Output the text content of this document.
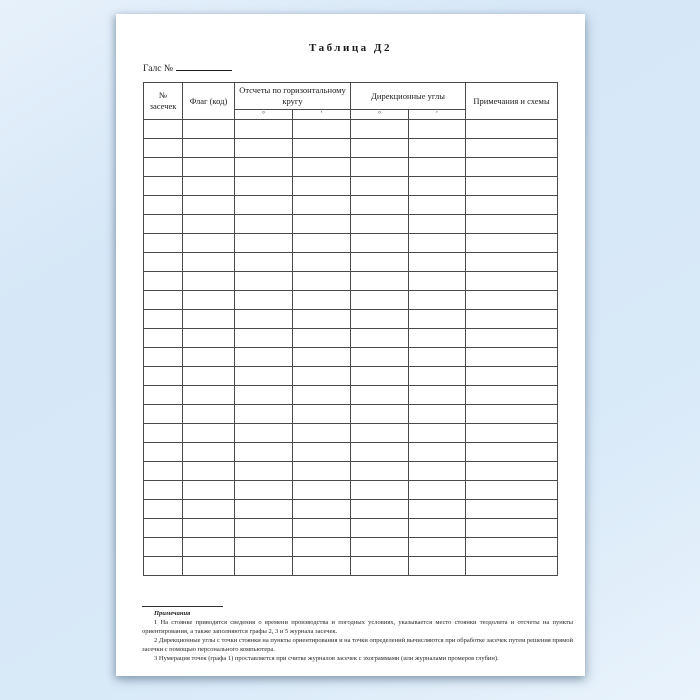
Таблица Д2
Галс №
№ засечек	Флаг (код)	Отсчеты по горизонтальному кругу		Дирекционные углы		Примечания и схемы
		°	′	°	′	

Примечания

1 На стоянке приводятся сведения о времени производства и погодных условиях, указывается место стоянки теодолита и отсчеты на пункты ориентирования, а также заполняются графы 2, 3 и 5 журнала засечек.

2 Дирекционные углы с точки стоянки на пункты ориентирования и на точки определений вычисляются при обработке засечек путем решения прямой засечки с помощью персонального компьютера.

3 Нумерация точек (графа 1) проставляется при считке журналов засечек с эхограммами (или журналами промеров глубин).
